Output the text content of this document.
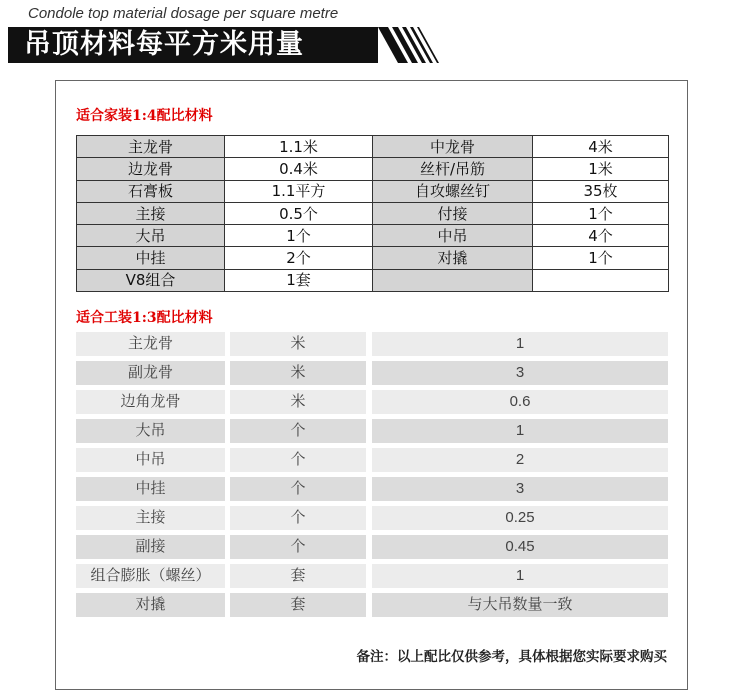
Condole top material dosage per square metre
吊顶材料每平方米用量
适合家装1:4配比材料
主龙骨	1.1米	中龙骨	4米
边龙骨	0.4米	丝杆/吊筋	1米
石膏板	1.1平方	自攻螺丝钉	35枚
主接	0.5个	付接	1个
大吊	1个	中吊	4个
中挂	2个	对撬	1个
V8组合	1套		
适合工装1:3配比材料
主龙骨	米	1
副龙骨	米	3
边角龙骨	米	0.6
大吊	个	1
中吊	个	2
中挂	个	3
主接	个	0.25
副接	个	0.45
组合膨胀（螺丝）	套	1
对撬	套	与大吊数量一致
备注：以上配比仅供参考，具体根据您实际要求购买
